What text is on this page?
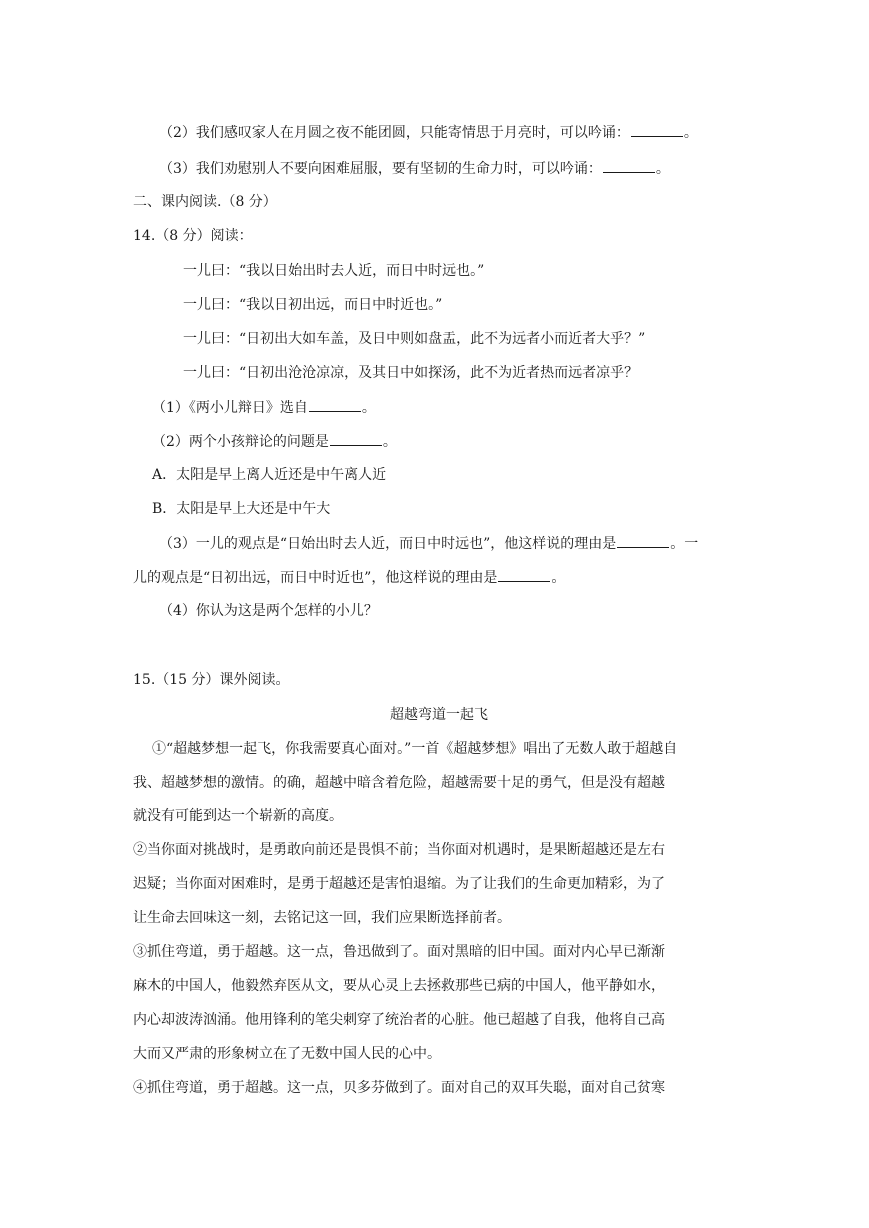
（2）我们感叹家人在月圆之夜不能团圆，只能寄情思于月亮时，可以吟诵：	。
（3）我们劝慰别人不要向困难屈服，要有坚韧的生命力时，可以吟诵：	。
二、课内阅读.（8 分）
14.（8 分）阅读：
一儿曰：“我以日始出时去人近，而日中时远也。”
一儿曰：“我以日初出远，而日中时近也。”
一儿曰：“日初出大如车盖，及日中则如盘盂，此不为远者小而近者大乎？”
一儿曰：“日初出沧沧凉凉，及其日中如探汤，此不为近者热而远者凉乎？
（1）《两小儿辩日》选自	。
（2）两个小孩辩论的问题是	。
A．太阳是早上离人近还是中午离人近
B．太阳是早上大还是中午大
（3）一儿的观点是“日始出时去人近，而日中时远也”，他这样说的理由是	。一
儿的观点是“日初出远，而日中时近也”，他这样说的理由是	。
（4）你认为这是两个怎样的小儿？
15.（15 分）课外阅读。
超越弯道一起飞
①“超越梦想一起飞，你我需要真心面对。”一首《超越梦想》唱出了无数人敢于超越自
我、超越梦想的激情。的确，超越中暗含着危险，超越需要十足的勇气，但是没有超越
就没有可能到达一个崭新的高度。
②当你面对挑战时，是勇敢向前还是畏惧不前；当你面对机遇时，是果断超越还是左右
迟疑；当你面对困难时，是勇于超越还是害怕退缩。为了让我们的生命更加精彩，为了
让生命去回味这一刻，去铭记这一回，我们应果断选择前者。
③抓住弯道，勇于超越。这一点，鲁迅做到了。面对黑暗的旧中国。面对内心早已渐渐
麻木的中国人，他毅然弃医从文，要从心灵上去拯救那些已病的中国人，他平静如水，
内心却波涛汹涌。他用锋利的笔尖刺穿了统治者的心脏。他已超越了自我，他将自己高
大而又严肃的形象树立在了无数中国人民的心中。
④抓住弯道，勇于超越。这一点，贝多芬做到了。面对自己的双耳失聪，面对自己贫寒
